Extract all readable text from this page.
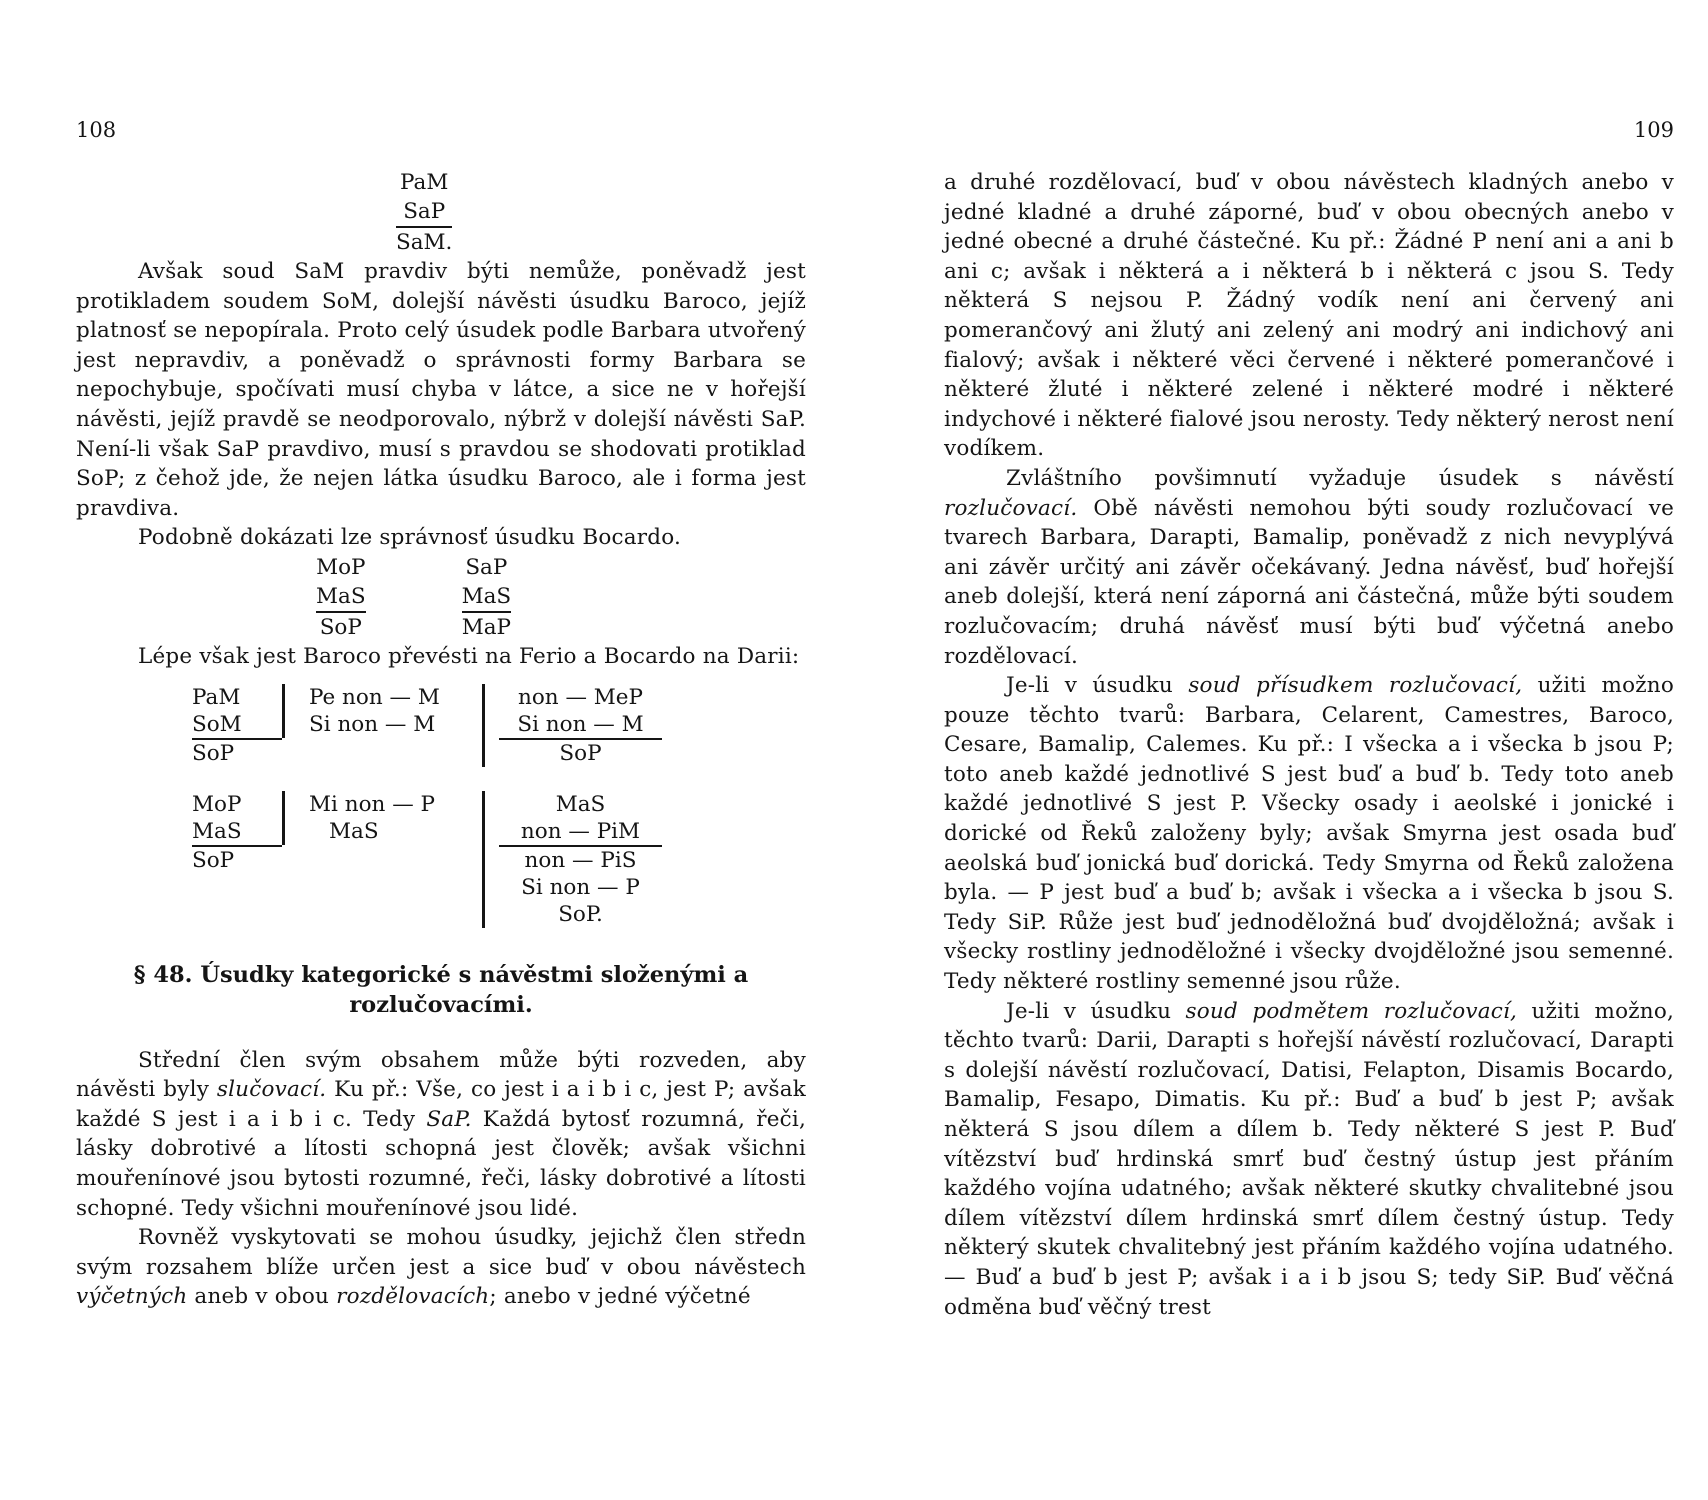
108
PaM
SaP
SaM.

Avšak soud SaM pravdiv býti nemůže, poněvadž jest protikladem soudem SoM, dolejší návěsti úsudku Baroco, jejíž platnosť se nepopírala. Proto celý úsudek podle Barbara utvořený jest nepravdiv, a poněvadž o správnosti formy Barbara se nepochybuje, spočívati musí chyba v látce, a sice ne v hořejší návěsti, jejíž pravdě se neodporovalo, nýbrž v dolejší návěsti SaP. Není-li však SaP pravdivo, musí s pravdou se shodovati protiklad SoP; z čehož jde, že nejen látka úsudku Baroco, ale i forma jest pravdiva.

Podobně dokázati lze správnosť úsudku Bocardo.

MoP
MaS
SoP
SaP
MaS
MaP

Lépe však jest Baroco převésti na Ferio a Bocardo na Darii:

PaM
SoM
SoP
Pe non — M
Si non — M
non — MeP
Si non — M
SoP
MoP
MaS
SoP
Mi non — P
MaS
MaS
non — PiM
non — PiS
Si non — P
SoP.
§ 48. Úsudky kategorické s návěstmi složenými a
rozlučovacími.

Střední člen svým obsahem může býti rozveden, aby návěsti byly slučovací. Ku př.: Vše, co jest i a i b i c, jest P; avšak každé S jest i a i b i c. Tedy SaP. Každá bytosť rozumná, řeči, lásky dobrotivé a lítosti schopná jest člověk; avšak všichni mouřenínové jsou bytosti rozumné, řeči, lásky dobrotivé a lítosti schopné. Tedy všichni mouřenínové jsou lidé.

Rovněž vyskytovati se mohou úsudky, jejichž člen středn svým rozsahem blíže určen jest a sice buď v obou návěstech výčetných aneb v obou rozdělovacích; anebo v jedné výčetné

109

a druhé rozdělovací, buď v obou návěstech kladných anebo v jedné kladné a druhé záporné, buď v obou obecných anebo v jedné obecné a druhé částečné. Ku př.: Žádné P není ani a ani b ani c; avšak i některá a i některá b i některá c jsou S. Tedy některá S nejsou P. Žádný vodík není ani červený ani pomerančový ani žlutý ani zelený ani modrý ani indichový ani fialový; avšak i některé věci červené i některé pomerančové i některé žluté i některé zelené i některé modré i některé indychové i některé fialové jsou nerosty. Tedy některý nerost není vodíkem.

Zvláštního povšimnutí vyžaduje úsudek s návěstí rozlučovací. Obě návěsti nemohou býti soudy rozlučovací ve tvarech Barbara, Darapti, Bamalip, poněvadž z nich nevyplývá ani závěr určitý ani závěr očekávaný. Jedna návěsť, buď hořejší aneb dolejší, která není záporná ani částečná, může býti soudem rozlučovacím; druhá návěsť musí býti buď výčetná anebo rozdělovací.

Je-li v úsudku soud přísudkem rozlučovací, užiti možno pouze těchto tvarů: Barbara, Celarent, Camestres, Baroco, Cesare, Bamalip, Calemes. Ku př.: I všecka a i všecka b jsou P; toto aneb každé jednotlivé S jest buď a buď b. Tedy toto aneb každé jednotlivé S jest P. Všecky osady i aeolské i jonické i dorické od Řeků založeny byly; avšak Smyrna jest osada buď aeolská buď jonická buď dorická. Tedy Smyrna od Řeků založena byla. — P jest buď a buď b; avšak i všecka a i všecka b jsou S. Tedy SiP. Růže jest buď jednoděložná buď dvojděložná; avšak i všecky rostliny jednoděložné i všecky dvojděložné jsou semenné. Tedy některé rostliny semenné jsou růže.

Je-li v úsudku soud podmětem rozlučovací, užiti možno, těchto tvarů: Darii, Darapti s hořejší návěstí rozlučovací, Darapti s dolejší návěstí rozlučovací, Datisi, Felapton, Disamis Bocardo, Bamalip, Fesapo, Dimatis. Ku př.: Buď a buď b jest P; avšak některá S jsou dílem a dílem b. Tedy některé S jest P. Buď vítězství buď hrdinská smrť buď čestný ústup jest přáním každého vojína udatného; avšak některé skutky chvalitebné jsou dílem vítězství dílem hrdinská smrť dílem čestný ústup. Tedy některý skutek chvalitebný jest přáním každého vojína udatného. — Buď a buď b jest P; avšak i a i b jsou S; tedy SiP. Buď věčná odměna buď věčný trest
